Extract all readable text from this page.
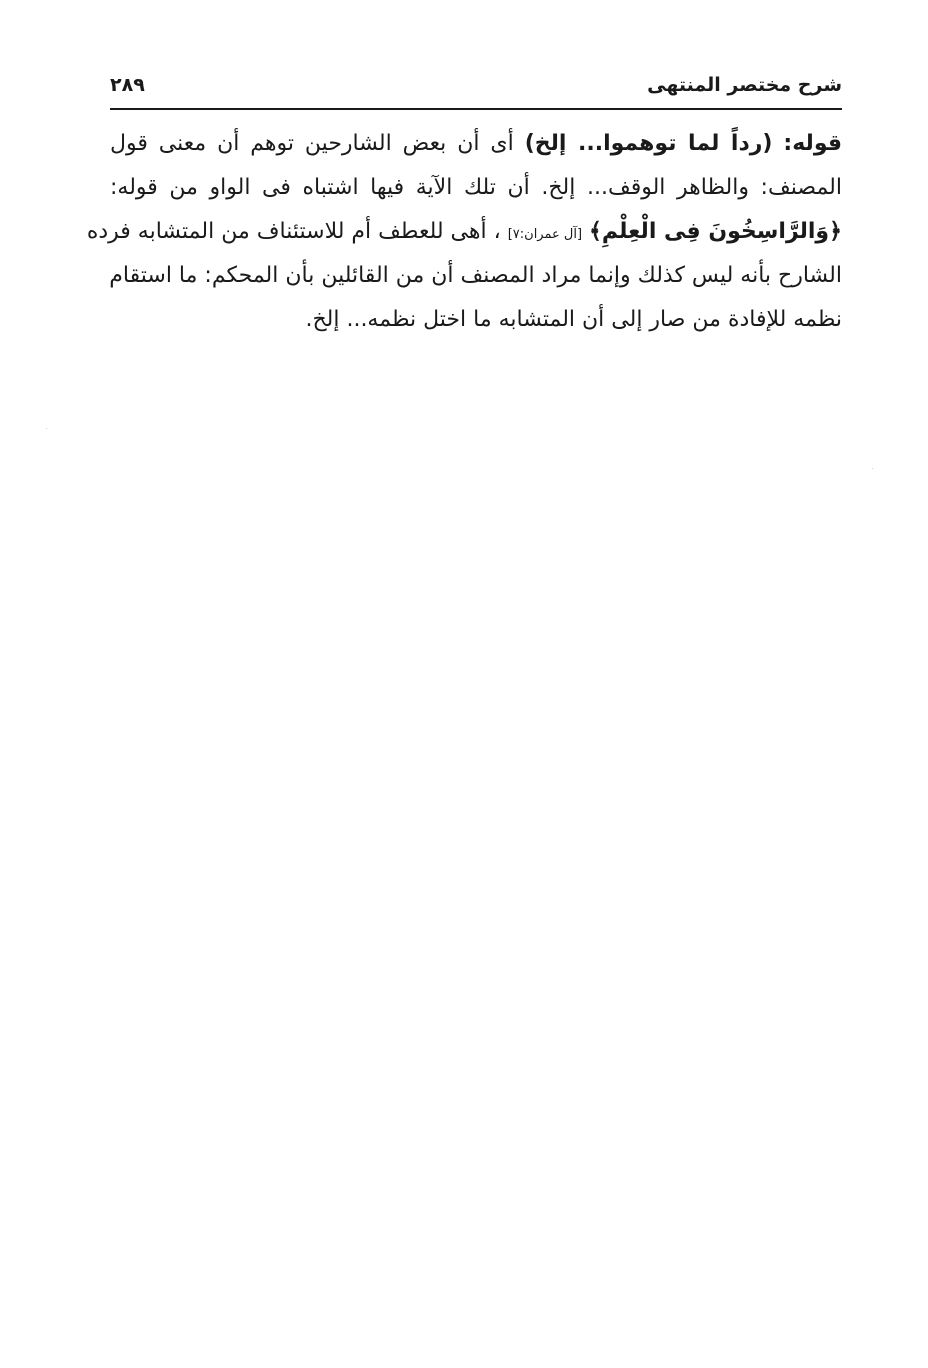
شرح مختصر المنتهى
٢٨٩
قوله: (رداً لما توهموا... إلخ) أى أن بعض الشارحين توهم أن معنى قول
المصنف: والظاهر الوقف... إلخ. أن تلك الآية فيها اشتباه فى الواو من قوله:
﴿وَالرَّاسِخُونَ فِى الْعِلْمِ﴾ [آل عمران:٧] ، أهى للعطف أم للاستئناف من المتشابه فرده
الشارح بأنه ليس كذلك وإنما مراد المصنف أن من القائلين بأن المحكم: ما استقام
نظمه للإفادة من صار إلى أن المتشابه ما اختل نظمه... إلخ.
